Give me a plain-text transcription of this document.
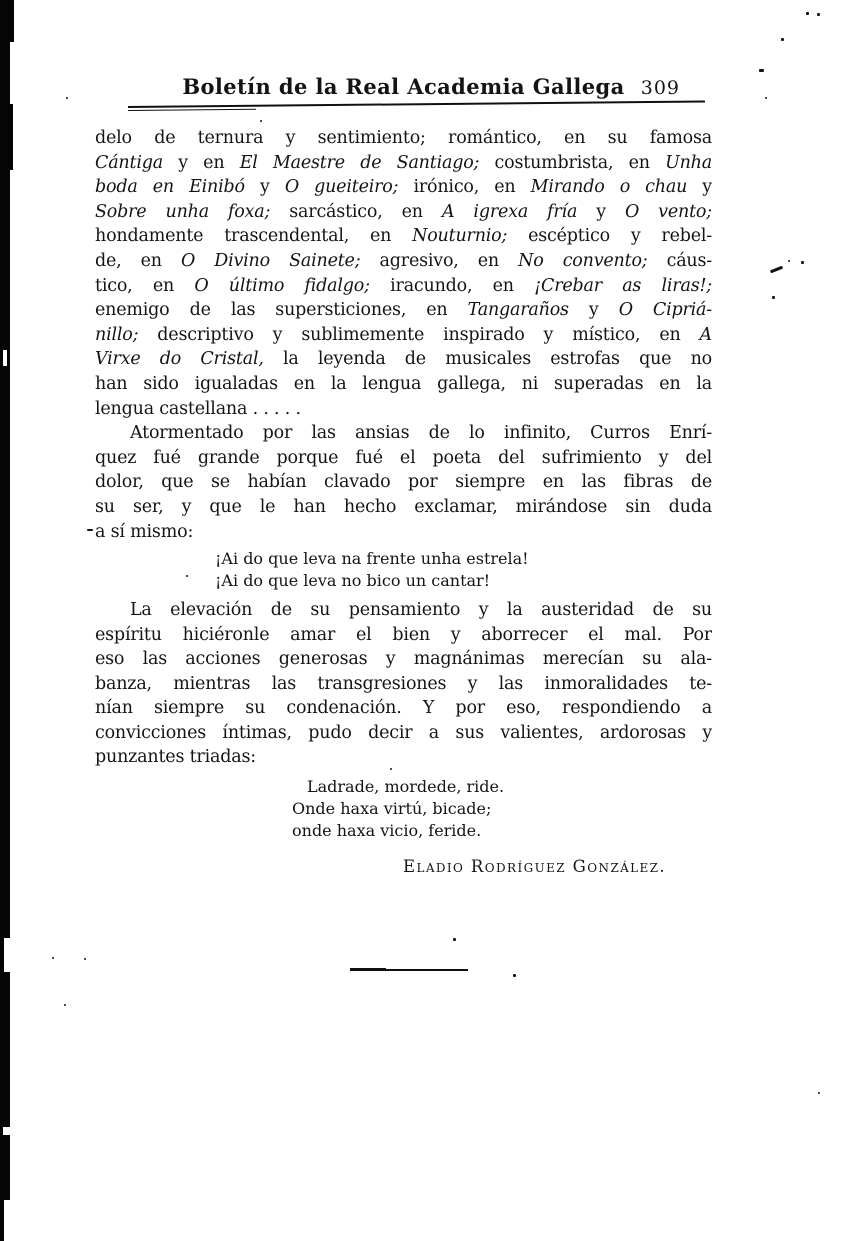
Boletín de la Real Academia Gallega 309
delo de ternura y sentimiento; romántico, en su famosa
Cántiga y en El Maestre de Santiago; costumbrista, en Unha
boda en Einibó y O gueiteiro; irónico, en Mirando o chau y
Sobre unha foxa; sarcástico, en A igrexa fría y O vento;
hondamente trascendental, en Nouturnio; escéptico y rebel-
de, en O Divino Sainete; agresivo, en No convento; cáus-
tico, en O último fidalgo; iracundo, en ¡Crebar as liras!;
enemigo de las supersticiones, en Tangaraños y O Cipriá-
nillo; descriptivo y sublimemente inspirado y místico, en A
Virxe do Cristal, la leyenda de musicales estrofas que no
han sido igualadas en la lengua gallega, ni superadas en la
lengua castellana . . . . .
Atormentado por las ansias de lo infinito, Curros Enrí-
quez fué grande porque fué el poeta del sufrimiento y del
dolor, que se habían clavado por siempre en las fibras de
su ser, y que le han hecho exclamar, mirándose sin duda
a sí mismo:
¡Ai do que leva na frente unha estrela!
¡Ai do que leva no bico un cantar!
La elevación de su pensamiento y la austeridad de su
espíritu hiciéronle amar el bien y aborrecer el mal. Por
eso las acciones generosas y magnánimas merecían su ala-
banza, mientras las transgresiones y las inmoralidades te-
nían siempre su condenación. Y por eso, respondiendo a
convicciones íntimas, pudo decir a sus valientes, ardorosas y
punzantes triadas:
Ladrade, mordede, ride.
Onde haxa virtú, bicade;
onde haxa vicio, feride.
Eladio Rodríguez González.
